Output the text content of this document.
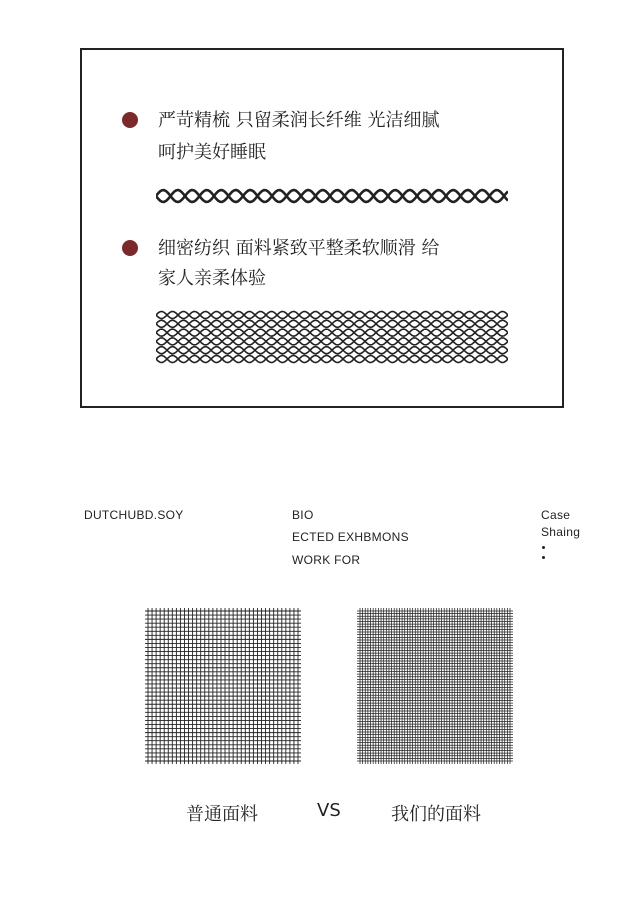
严苛精梳 只留柔润长纤维 光洁细腻
呵护美好睡眠
细密纺织 面料紧致平整柔软顺滑 给
家人亲柔体验
DUTCHUBD.SOY	BIO
ECTED EXHBMONS
WORK FOR
Case
Shaing
普通面料	VS	我们的面料
